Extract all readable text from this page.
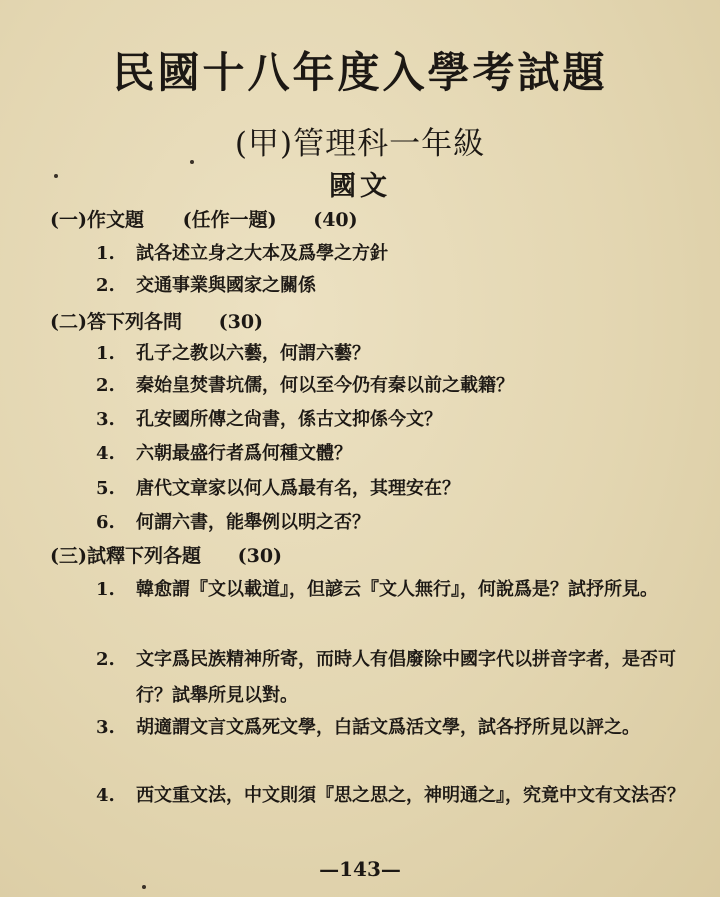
民國十八年度入學考試題
(甲)管理科一年級
國文
(一)作文題 (任作一題) (40)
1.	試各述立身之大本及爲學之方針
2.	交通事業與國家之關係
(二)答下列各問 (30)
1.	孔子之教以六藝，何謂六藝？
2.	秦始皇焚書坑儒，何以至今仍有秦以前之載籍？
3.	孔安國所傳之尙書，係古文抑係今文？
4.	六朝最盛行者爲何種文體？
5.	唐代文章家以何人爲最有名，其理安在？
6.	何謂六書，能舉例以明之否？
(三)試釋下列各題 (30)
1.	韓愈謂『文以載道』，但諺云『文人無行』，何說爲是？試抒所見。
2.	文字爲民族精神所寄，而時人有倡廢除中國字代以拼音字者，是否可行？試舉所見以對。
3.	胡適謂文言文爲死文學，白話文爲活文學，試各抒所見以評之。
4.	西文重文法，中文則須『思之思之，神明通之』，究竟中文有文法否？
—143—
